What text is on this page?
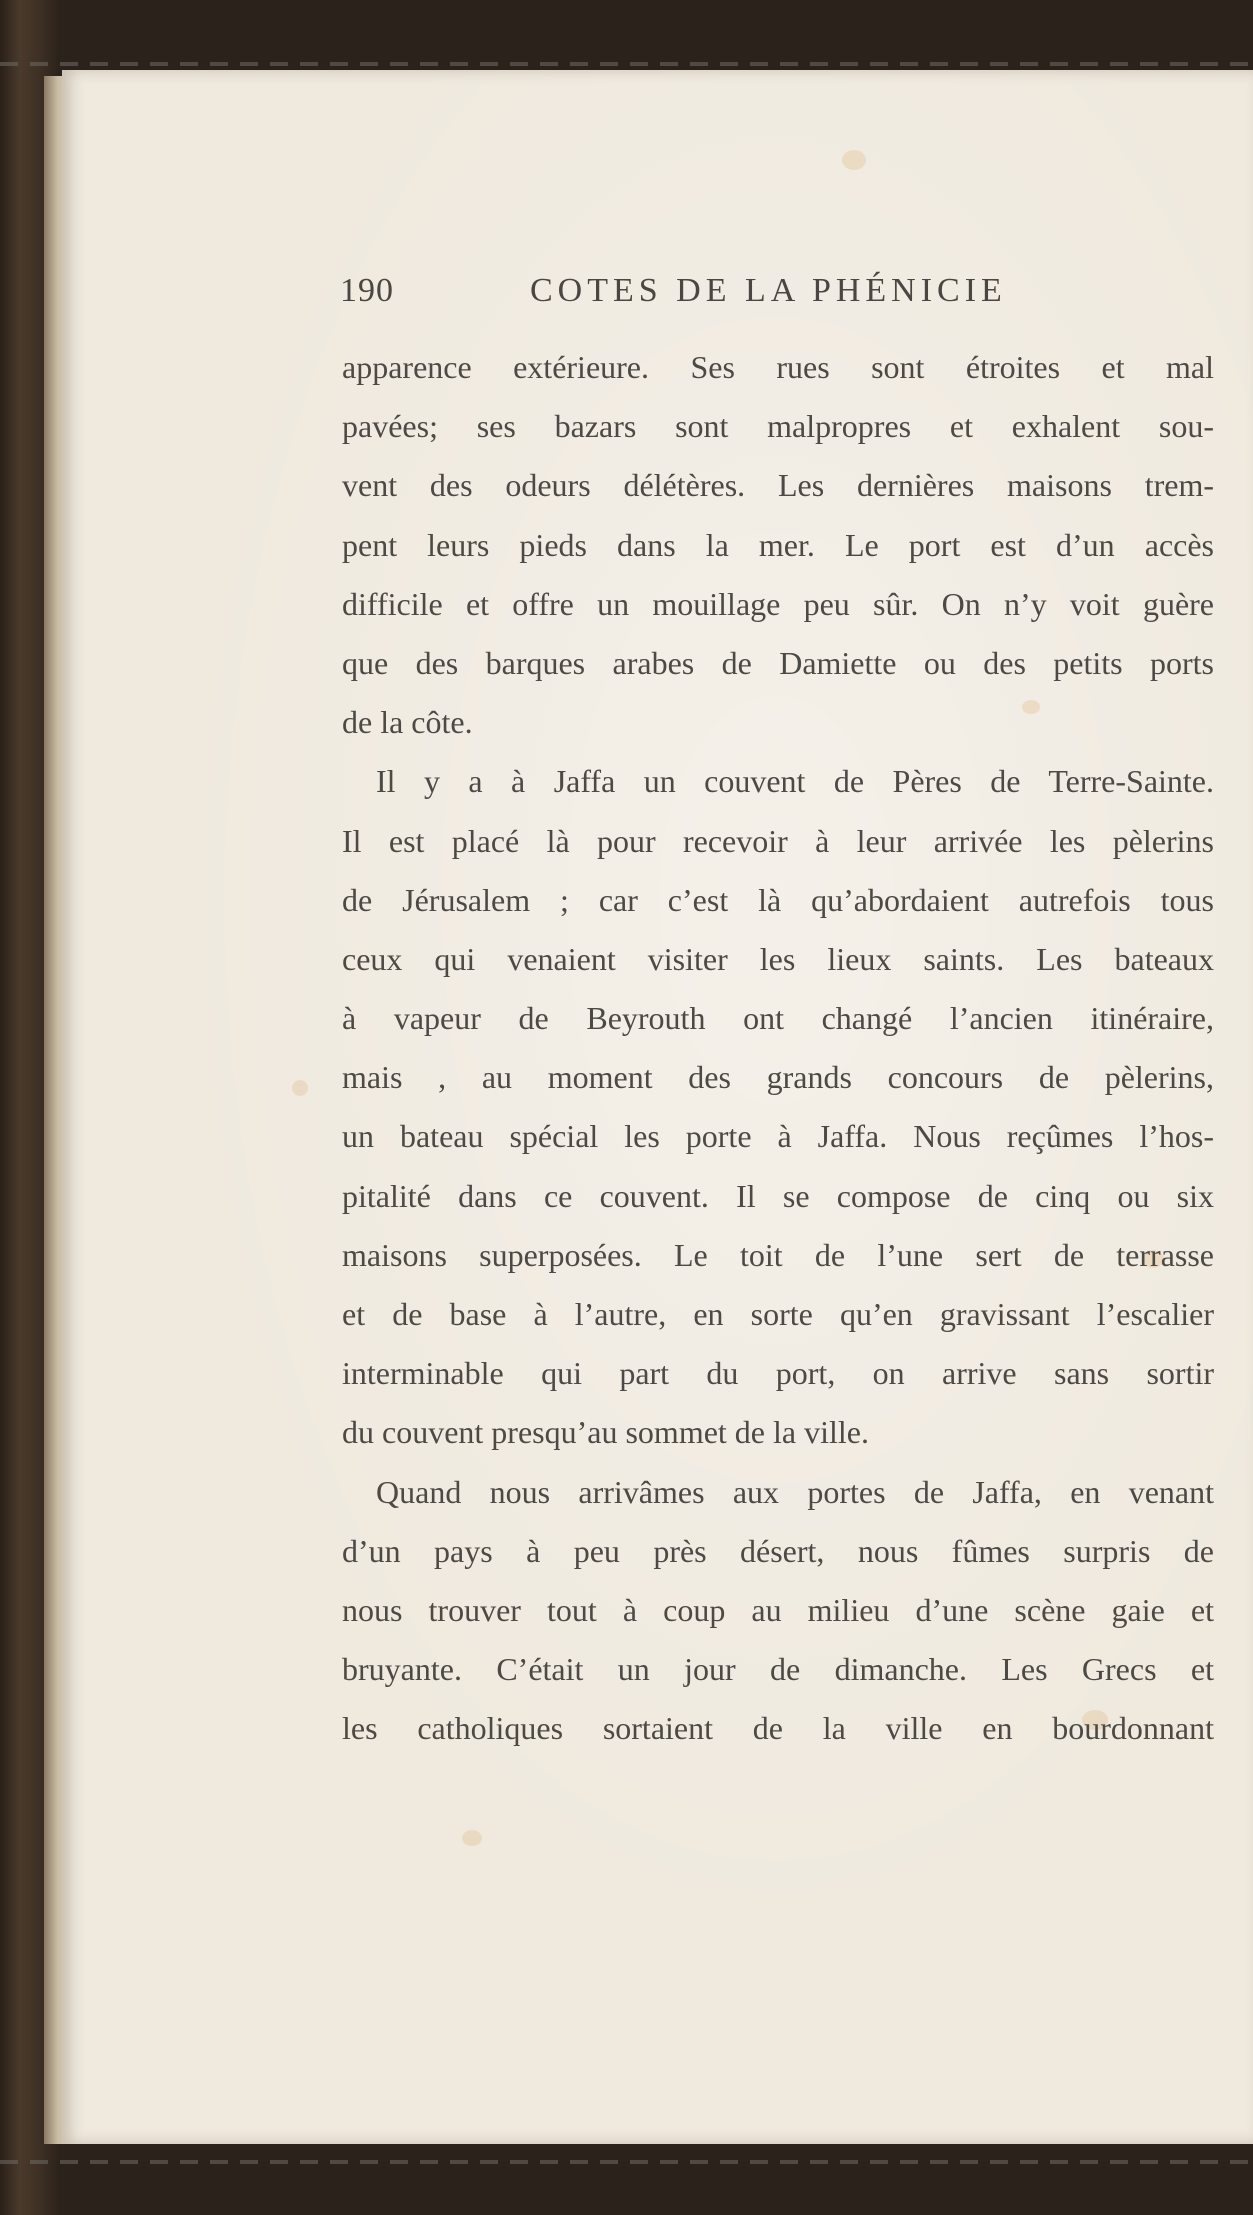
190	COTES DE LA PHÉNICIE
apparence extérieure. Ses rues sont étroites et mal
pavées; ses bazars sont malpropres et exhalent sou-
vent des odeurs délétères. Les dernières maisons trem-
pent leurs pieds dans la mer. Le port est d’un accès
difficile et offre un mouillage peu sûr. On n’y voit guère
que des barques arabes de Damiette ou des petits ports
de la côte.
Il y a à Jaffa un couvent de Pères de Terre-Sainte.
Il est placé là pour recevoir à leur arrivée les pèlerins
de Jérusalem ; car c’est là qu’abordaient autrefois tous
ceux qui venaient visiter les lieux saints. Les bateaux
à vapeur de Beyrouth ont changé l’ancien itinéraire,
mais , au moment des grands concours de pèlerins,
un bateau spécial les porte à Jaffa. Nous reçûmes l’hos-
pitalité dans ce couvent. Il se compose de cinq ou six
maisons superposées. Le toit de l’une sert de terrasse
et de base à l’autre, en sorte qu’en gravissant l’escalier
interminable qui part du port, on arrive sans sortir
du couvent presqu’au sommet de la ville.
Quand nous arrivâmes aux portes de Jaffa, en venant
d’un pays à peu près désert, nous fûmes surpris de
nous trouver tout à coup au milieu d’une scène gaie et
bruyante. C’était un jour de dimanche. Les Grecs et
les catholiques sortaient de la ville en bourdonnant
